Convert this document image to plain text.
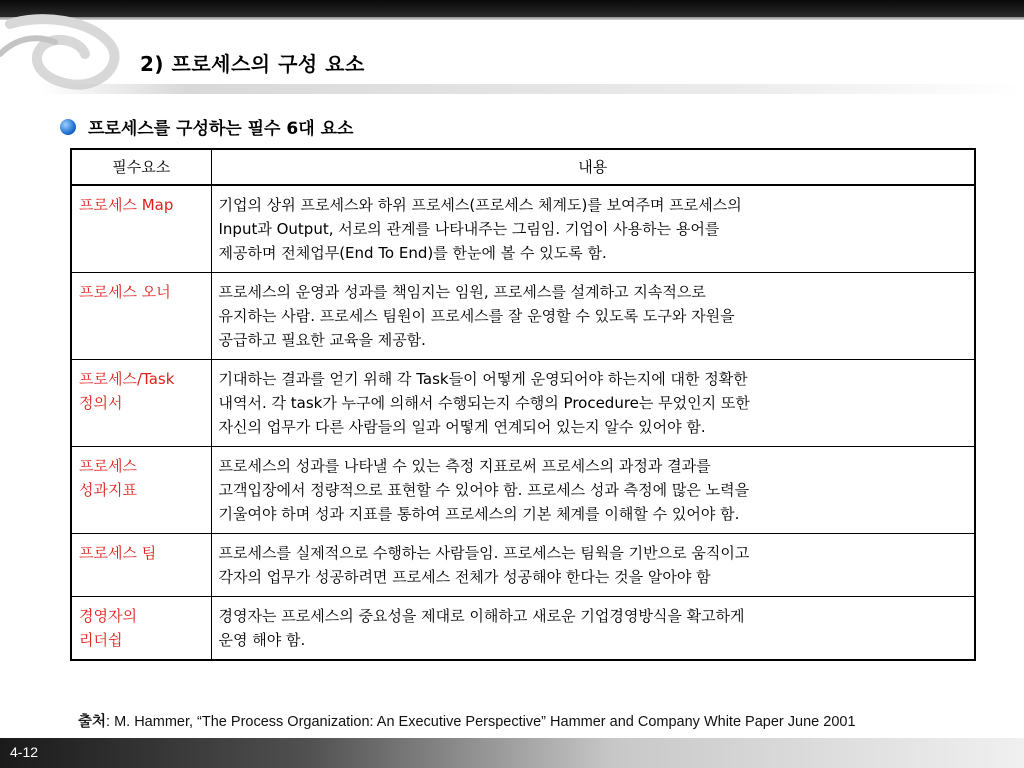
2) 프로세스의 구성 요소
프로세스를 구성하는 필수 6대 요소
필수요소	내용
프로세스 Map	기업의 상위 프로세스와 하위 프로세스(프로세스 체계도)를 보여주며 프로세스의
Input과 Output, 서로의 관계를 나타내주는 그림임. 기업이 사용하는 용어를
제공하며 전체업무(End To End)를 한눈에 볼 수 있도록 함.
프로세스 오너	프로세스의 운영과 성과를 책임지는 임원, 프로세스를 설계하고 지속적으로
유지하는 사람. 프로세스 팀원이 프로세스를 잘 운영할 수 있도록 도구와 자원을
공급하고 필요한 교육을 제공함.
프로세스/Task
정의서	기대하는 결과를 얻기 위해 각 Task들이 어떻게 운영되어야 하는지에 대한 정확한
내역서. 각 task가 누구에 의해서 수행되는지 수행의 Procedure는 무었인지 또한
자신의 업무가 다른 사람들의 일과 어떻게 연계되어 있는지 알수 있어야 함.
프로세스
성과지표	프로세스의 성과를 나타낼 수 있는 측정 지표로써 프로세스의 과정과 결과를
고객입장에서 정량적으로 표현할 수 있어야 함. 프로세스 성과 측정에 많은 노력을
기울여야 하며 성과 지표를 통하여 프로세스의 기본 체계를 이해할 수 있어야 함.
프로세스 팀	프로세스를 실제적으로 수행하는 사람들임. 프로세스는 팀웍을 기반으로 움직이고
각자의 업무가 성공하려면 프로세스 전체가 성공해야 한다는 것을 알아야 함
경영자의
리더쉽	경영자는 프로세스의 중요성을 제대로 이해하고 새로운 기업경영방식을 확고하게
운영 해야 함.
출처: M. Hammer, “The Process Organization: An Executive Perspective” Hammer and Company White Paper June 2001
4-12
